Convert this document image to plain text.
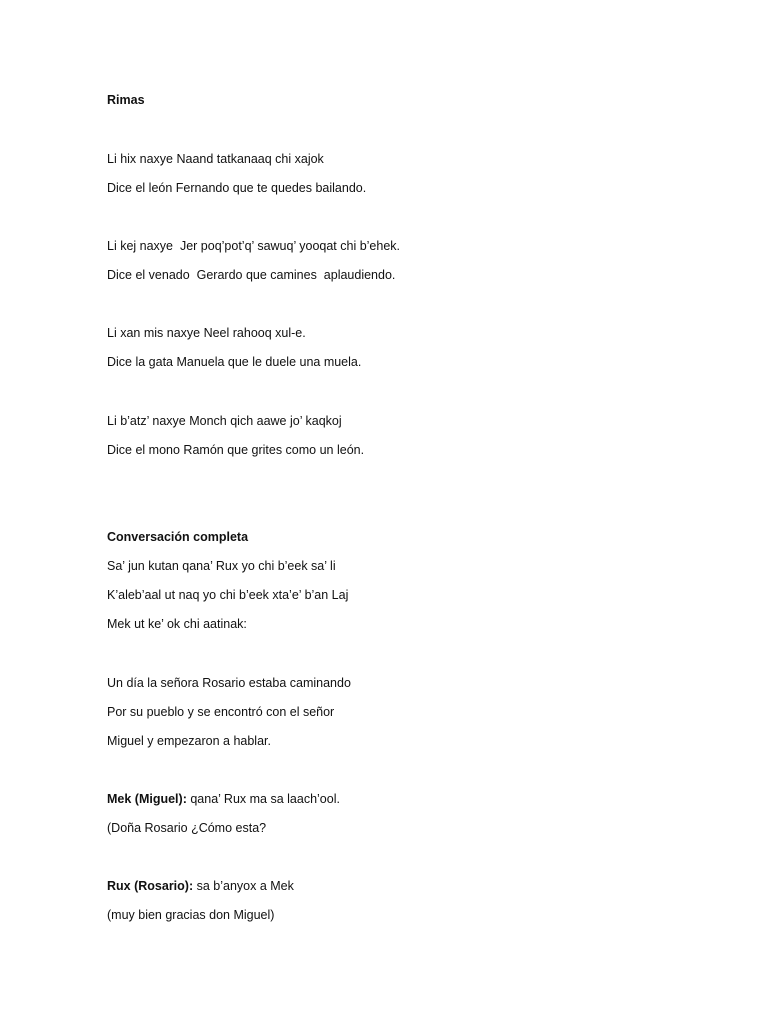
Rimas
Li hix naxye Naand tatkanaaq chi xajok
Dice el león Fernando que te quedes bailando.
Li kej naxye  Jer poq’pot’q’ sawuq’ yooqat chi b’ehek.
Dice el venado  Gerardo que camines  aplaudiendo.
Li xan mis naxye Neel rahooq xul-e.
Dice la gata Manuela que le duele una muela.
Li b’atz’ naxye Monch qich aawe jo’ kaqkoj
Dice el mono Ramón que grites como un león.
Conversación completa
Sa’ jun kutan qana’ Rux yo chi b’eek sa’ li
K’aleb’aal ut naq yo chi b’eek xta’e’ b’an Laj
Mek ut ke’ ok chi aatinak:
Un día la señora Rosario estaba caminando
Por su pueblo y se encontró con el señor
Miguel y empezaron a hablar.
Mek (Miguel): qana’ Rux ma sa laach’ool.
(Doña Rosario ¿Cómo esta?
Rux (Rosario): sa b’anyox a Mek
(muy bien gracias don Miguel)
